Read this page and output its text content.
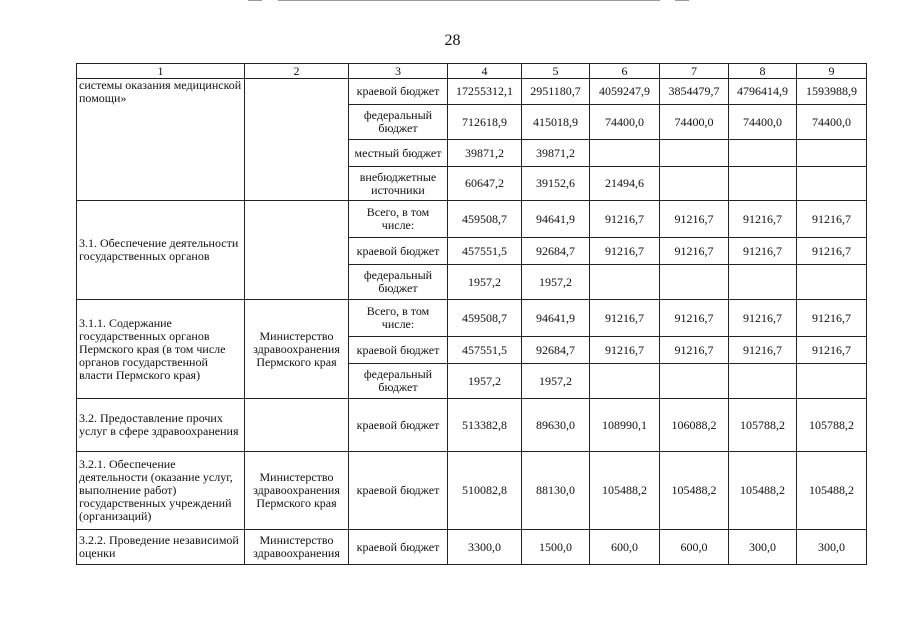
28
1	2	3	4	5	6	7	8	9
системы оказания медицинской помощи»		краевой бюджет	17255312,1	2951180,7	4059247,9	3854479,7	4796414,9	1593988,9
		федеральный бюджет	712618,9	415018,9	74400,0	74400,0	74400,0	74400,0
		местный бюджет	39871,2	39871,2				
		внебюджетные источники	60647,2	39152,6	21494,6			
3.1. Обеспечение деятельности государственных органов		Всего, в том числе:	459508,7	94641,9	91216,7	91216,7	91216,7	91216,7
		краевой бюджет	457551,5	92684,7	91216,7	91216,7	91216,7	91216,7
		федеральный бюджет	1957,2	1957,2				
3.1.1. Содержание государственных органов Пермского края (в том числе органов государственной власти Пермского края)	Министерство здравоохранения Пермского края	Всего, в том числе:	459508,7	94641,9	91216,7	91216,7	91216,7	91216,7
		краевой бюджет	457551,5	92684,7	91216,7	91216,7	91216,7	91216,7
		федеральный бюджет	1957,2	1957,2				
3.2. Предоставление прочих услуг в сфере здравоохранения		краевой бюджет	513382,8	89630,0	108990,1	106088,2	105788,2	105788,2
3.2.1. Обеспечение деятельности (оказание услуг, выполнение работ) государственных учреждений (организаций)	Министерство здравоохранения Пермского края	краевой бюджет	510082,8	88130,0	105488,2	105488,2	105488,2	105488,2
3.2.2. Проведение независимой оценки	Министерство здравоохранения	краевой бюджет	3300,0	1500,0	600,0	600,0	300,0	300,0
